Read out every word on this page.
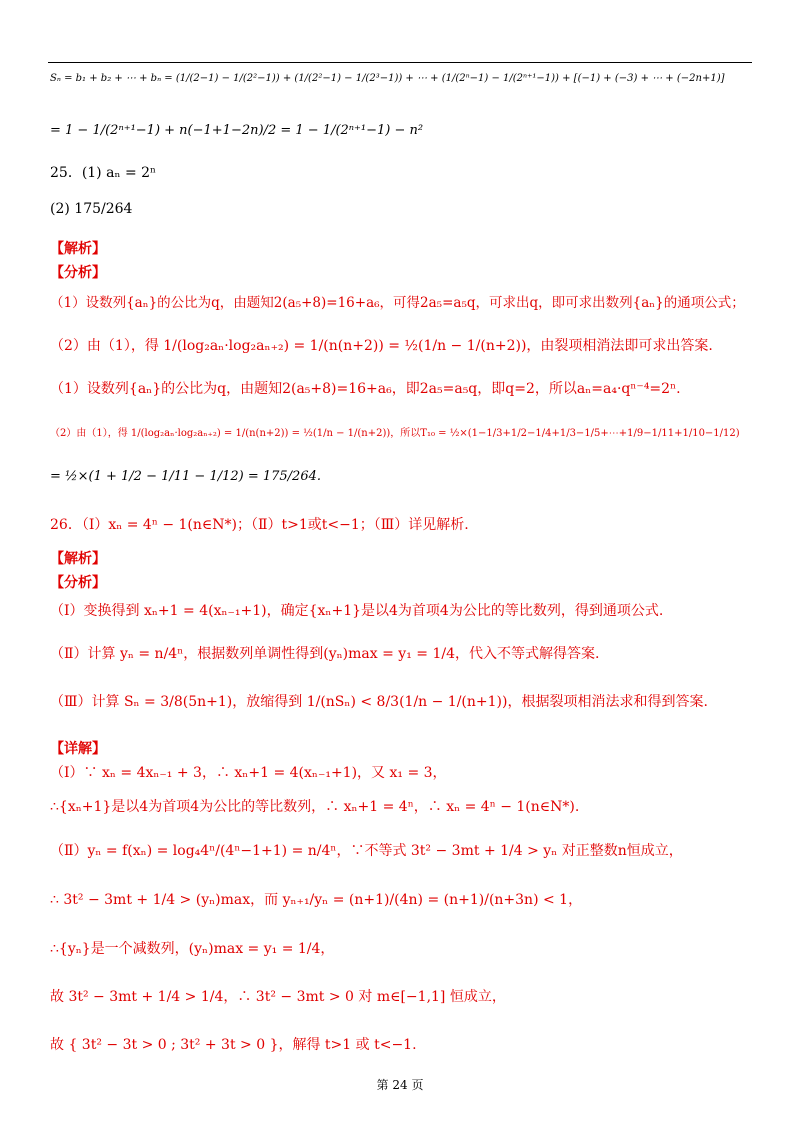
Sₙ = b₁ + b₂ + ⋯ + bₙ = (1/(2−1) − 1/(2²−1)) + (1/(2²−1) − 1/(2³−1)) + ⋯ + (1/(2ⁿ−1) − 1/(2ⁿ⁺¹−1)) + [(−1) + (−3) + ⋯ + (−2n+1)]
= 1 − 1/(2ⁿ⁺¹−1) + n(−1+1−2n)/2 = 1 − 1/(2ⁿ⁺¹−1) − n²
25．(1) aₙ = 2ⁿ
(2) 175/264
【解析】
【分析】
（1）设数列{aₙ}的公比为q，由题知2(a₅+8)=16+a₆，可得2a₅=a₅q，可求出q，即可求出数列{aₙ}的通项公式；
（2）由（1），得 1/(log₂aₙ·log₂aₙ₊₂) = 1/(n(n+2)) = ½(1/n − 1/(n+2))，由裂项相消法即可求出答案.
（1）设数列{aₙ}的公比为q，由题知2(a₅+8)=16+a₆，即2a₅=a₅q，即q=2，所以aₙ=a₄·qⁿ⁻⁴=2ⁿ.
（2）由（1），得 1/(log₂aₙ·log₂aₙ₊₂) = 1/(n(n+2)) = ½(1/n − 1/(n+2))，所以T₁₀ = ½×(1−1/3+1/2−1/4+1/3−1/5+⋯+1/9−1/11+1/10−1/12)
= ½×(1 + 1/2 − 1/11 − 1/12) = 175/264.
26．（Ⅰ）xₙ = 4ⁿ − 1(n∈N*)；（Ⅱ）t>1或t<−1；（Ⅲ）详见解析.
【解析】
【分析】
（Ⅰ）变换得到 xₙ+1 = 4(xₙ₋₁+1)，确定{xₙ+1}是以4为首项4为公比的等比数列，得到通项公式.
（Ⅱ）计算 yₙ = n/4ⁿ，根据数列单调性得到(yₙ)max = y₁ = 1/4，代入不等式解得答案.
（Ⅲ）计算 Sₙ = 3/8(5n+1)，放缩得到 1/(nSₙ) < 8/3(1/n − 1/(n+1))，根据裂项相消法求和得到答案.
【详解】
（Ⅰ）∵ xₙ = 4xₙ₋₁ + 3，∴ xₙ+1 = 4(xₙ₋₁+1)，又 x₁ = 3，
∴{xₙ+1}是以4为首项4为公比的等比数列，∴ xₙ+1 = 4ⁿ，∴ xₙ = 4ⁿ − 1(n∈N*).
（Ⅱ）yₙ = f(xₙ) = log₄4ⁿ/(4ⁿ−1+1) = n/4ⁿ，∵不等式 3t² − 3mt + 1/4 > yₙ 对正整数n恒成立，
∴ 3t² − 3mt + 1/4 > (yₙ)max，而 yₙ₊₁/yₙ = (n+1)/(4n) = (n+1)/(n+3n) < 1，
∴{yₙ}是一个减数列，(yₙ)max = y₁ = 1/4，
故 3t² − 3mt + 1/4 > 1/4，∴ 3t² − 3mt > 0 对 m∈[−1,1] 恒成立，
故 { 3t² − 3t > 0 ; 3t² + 3t > 0 }，解得 t>1 或 t<−1.
第 24 页
